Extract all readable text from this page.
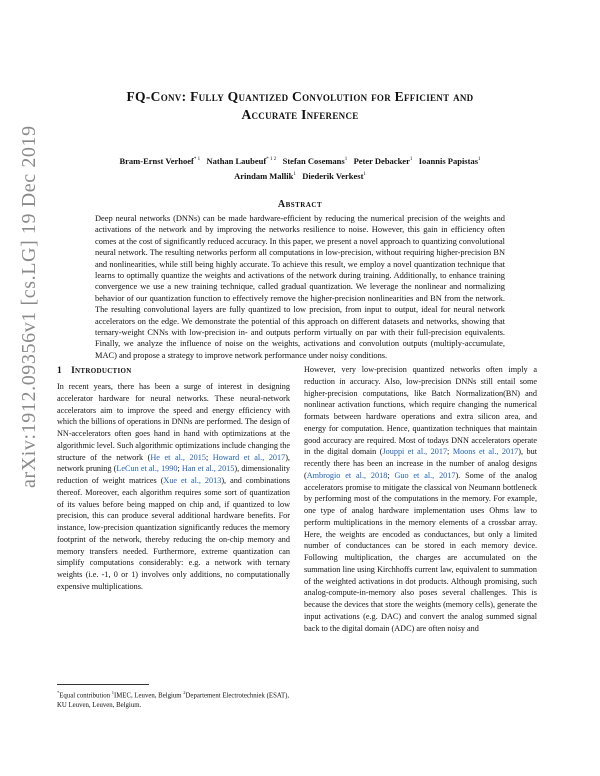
arXiv:1912.09356v1 [cs.LG] 19 Dec 2019
FQ-Conv: Fully Quantized Convolution for Efficient and
Accurate Inference
Bram-Ernst Verhoef$^{* 1}$ Nathan Laubeuf$^{* 1 2}$ Stefan Cosemans$^1$ Peter Debacker$^1$ Ioannis Papistas$^1$
Arindam Mallik$^1$ Diederik Verkest$^1$
Abstract
Deep neural networks (DNNs) can be made hardware-efficient by reducing the numerical precision of the weights and activations of the network and by improving the networks resilience to noise. However, this gain in efficiency often comes at the cost of significantly reduced accuracy. In this paper, we present a novel approach to quantizing convolutional neural network. The resulting networks perform all computations in low-precision, without requiring higher-precision BN and nonlinearities, while still being highly accurate. To achieve this result, we employ a novel quantization technique that learns to optimally quantize the weights and activations of the network during training. Additionally, to enhance training convergence we use a new training technique, called gradual quantization. We leverage the nonlinear and normalizing behavior of our quantization function to effectively remove the higher-precision nonlinearities and BN from the network. The resulting convolutional layers are fully quantized to low precision, from input to output, ideal for neural network accelerators on the edge. We demonstrate the potential of this approach on different datasets and networks, showing that ternary-weight CNNs with low-precision in- and outputs perform virtually on par with their full-precision equivalents. Finally, we analyze the influence of noise on the weights, activations and convolution outputs (multiply-accumulate, MAC) and propose a strategy to improve network performance under noisy conditions.
1 Introduction
In recent years, there has been a surge of interest in designing accelerator hardware for neural networks. These neural-network accelerators aim to improve the speed and energy efficiency with which the billions of operations in DNNs are performed. The design of NN-accelerators often goes hand in hand with optimizations at the algorithmic level. Such algorithmic optimizations include changing the structure of the network (He et al., 2015; Howard et al., 2017), network pruning (LeCun et al., 1990; Han et al., 2015), dimensionality reduction of weight matrices (Xue et al., 2013), and combinations thereof. Moreover, each algorithm requires some sort of quantization of its values before being mapped on chip and, if quantized to low precision, this can produce several additional hardware benefits. For instance, low-precision quantization significantly reduces the memory footprint of the network, thereby reducing the on-chip memory and memory transfers needed. Furthermore, extreme quantization can simplify computations considerably: e.g. a network with ternary weights (i.e. -1, 0 or 1) involves only additions, no computationally expensive multiplications.
*Equal contribution $^1$IMEC, Leuven, Belgium $^2$Departement Electrotechniek (ESAT), KU Leuven, Leuven, Belgium.
However, very low-precision quantized networks often imply a reduction in accuracy. Also, low-precision DNNs still entail some higher-precision computations, like Batch Normalization(BN) and nonlinear activation functions, which require changing the numerical formats between hardware operations and extra silicon area, and energy for computation. Hence, quantization techniques that maintain good accuracy are required. Most of todays DNN accelerators operate in the digital domain (Jouppi et al., 2017; Moons et al., 2017), but recently there has been an increase in the number of analog designs (Ambrogio et al., 2018; Guo et al., 2017). Some of the analog accelerators promise to mitigate the classical von Neumann bottleneck by performing most of the computations in the memory. For example, one type of analog hardware implementation uses Ohms law to perform multiplications in the memory elements of a crossbar array. Here, the weights are encoded as conductances, but only a limited number of conductances can be stored in each memory device. Following multiplication, the charges are accumulated on the summation line using Kirchhoffs current law, equivalent to summation of the weighted activations in dot products. Although promising, such analog-compute-in-memory also poses several challenges. This is because the devices that store the weights (memory cells), generate the input activations (e.g. DAC) and convert the analog summed signal back to the digital domain (ADC) are often noisy and
